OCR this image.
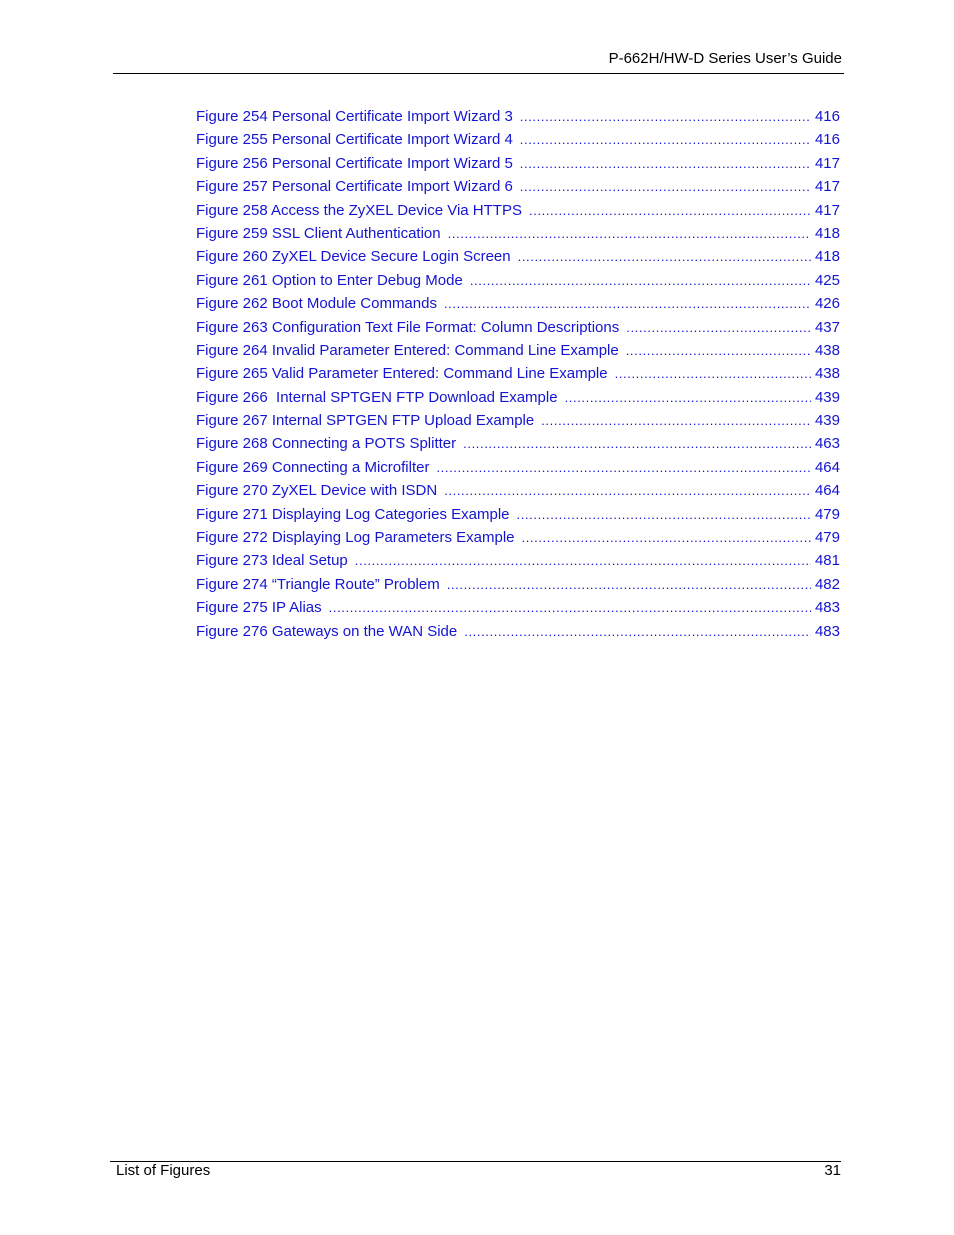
P-662H/HW-D Series User’s Guide
Figure 254 Personal Certificate Import Wizard 3 .....	416
Figure 255 Personal Certificate Import Wizard 4 .....	416
Figure 256 Personal Certificate Import Wizard 5 .....	417
Figure 257 Personal Certificate Import Wizard 6 .....	417
Figure 258 Access the ZyXEL Device Via HTTPS .....	417
Figure 259 SSL Client Authentication .....	418
Figure 260 ZyXEL Device Secure Login Screen .....	418
Figure 261 Option to Enter Debug Mode .....	425
Figure 262 Boot Module Commands .....	426
Figure 263 Configuration Text File Format: Column Descriptions .....	437
Figure 264 Invalid Parameter Entered: Command Line Example .....	438
Figure 265 Valid Parameter Entered: Command Line Example .....	438
Figure 266  Internal SPTGEN FTP Download Example .....	439
Figure 267 Internal SPTGEN FTP Upload Example .....	439
Figure 268 Connecting a POTS Splitter .....	463
Figure 269 Connecting a Microfilter .....	464
Figure 270 ZyXEL Device with ISDN .....	464
Figure 271 Displaying Log Categories Example .....	479
Figure 272 Displaying Log Parameters Example .....	479
Figure 273 Ideal Setup .....	481
Figure 274 “Triangle Route” Problem .....	482
Figure 275 IP Alias .....	483
Figure 276 Gateways on the WAN Side .....	483
List of Figures	31
